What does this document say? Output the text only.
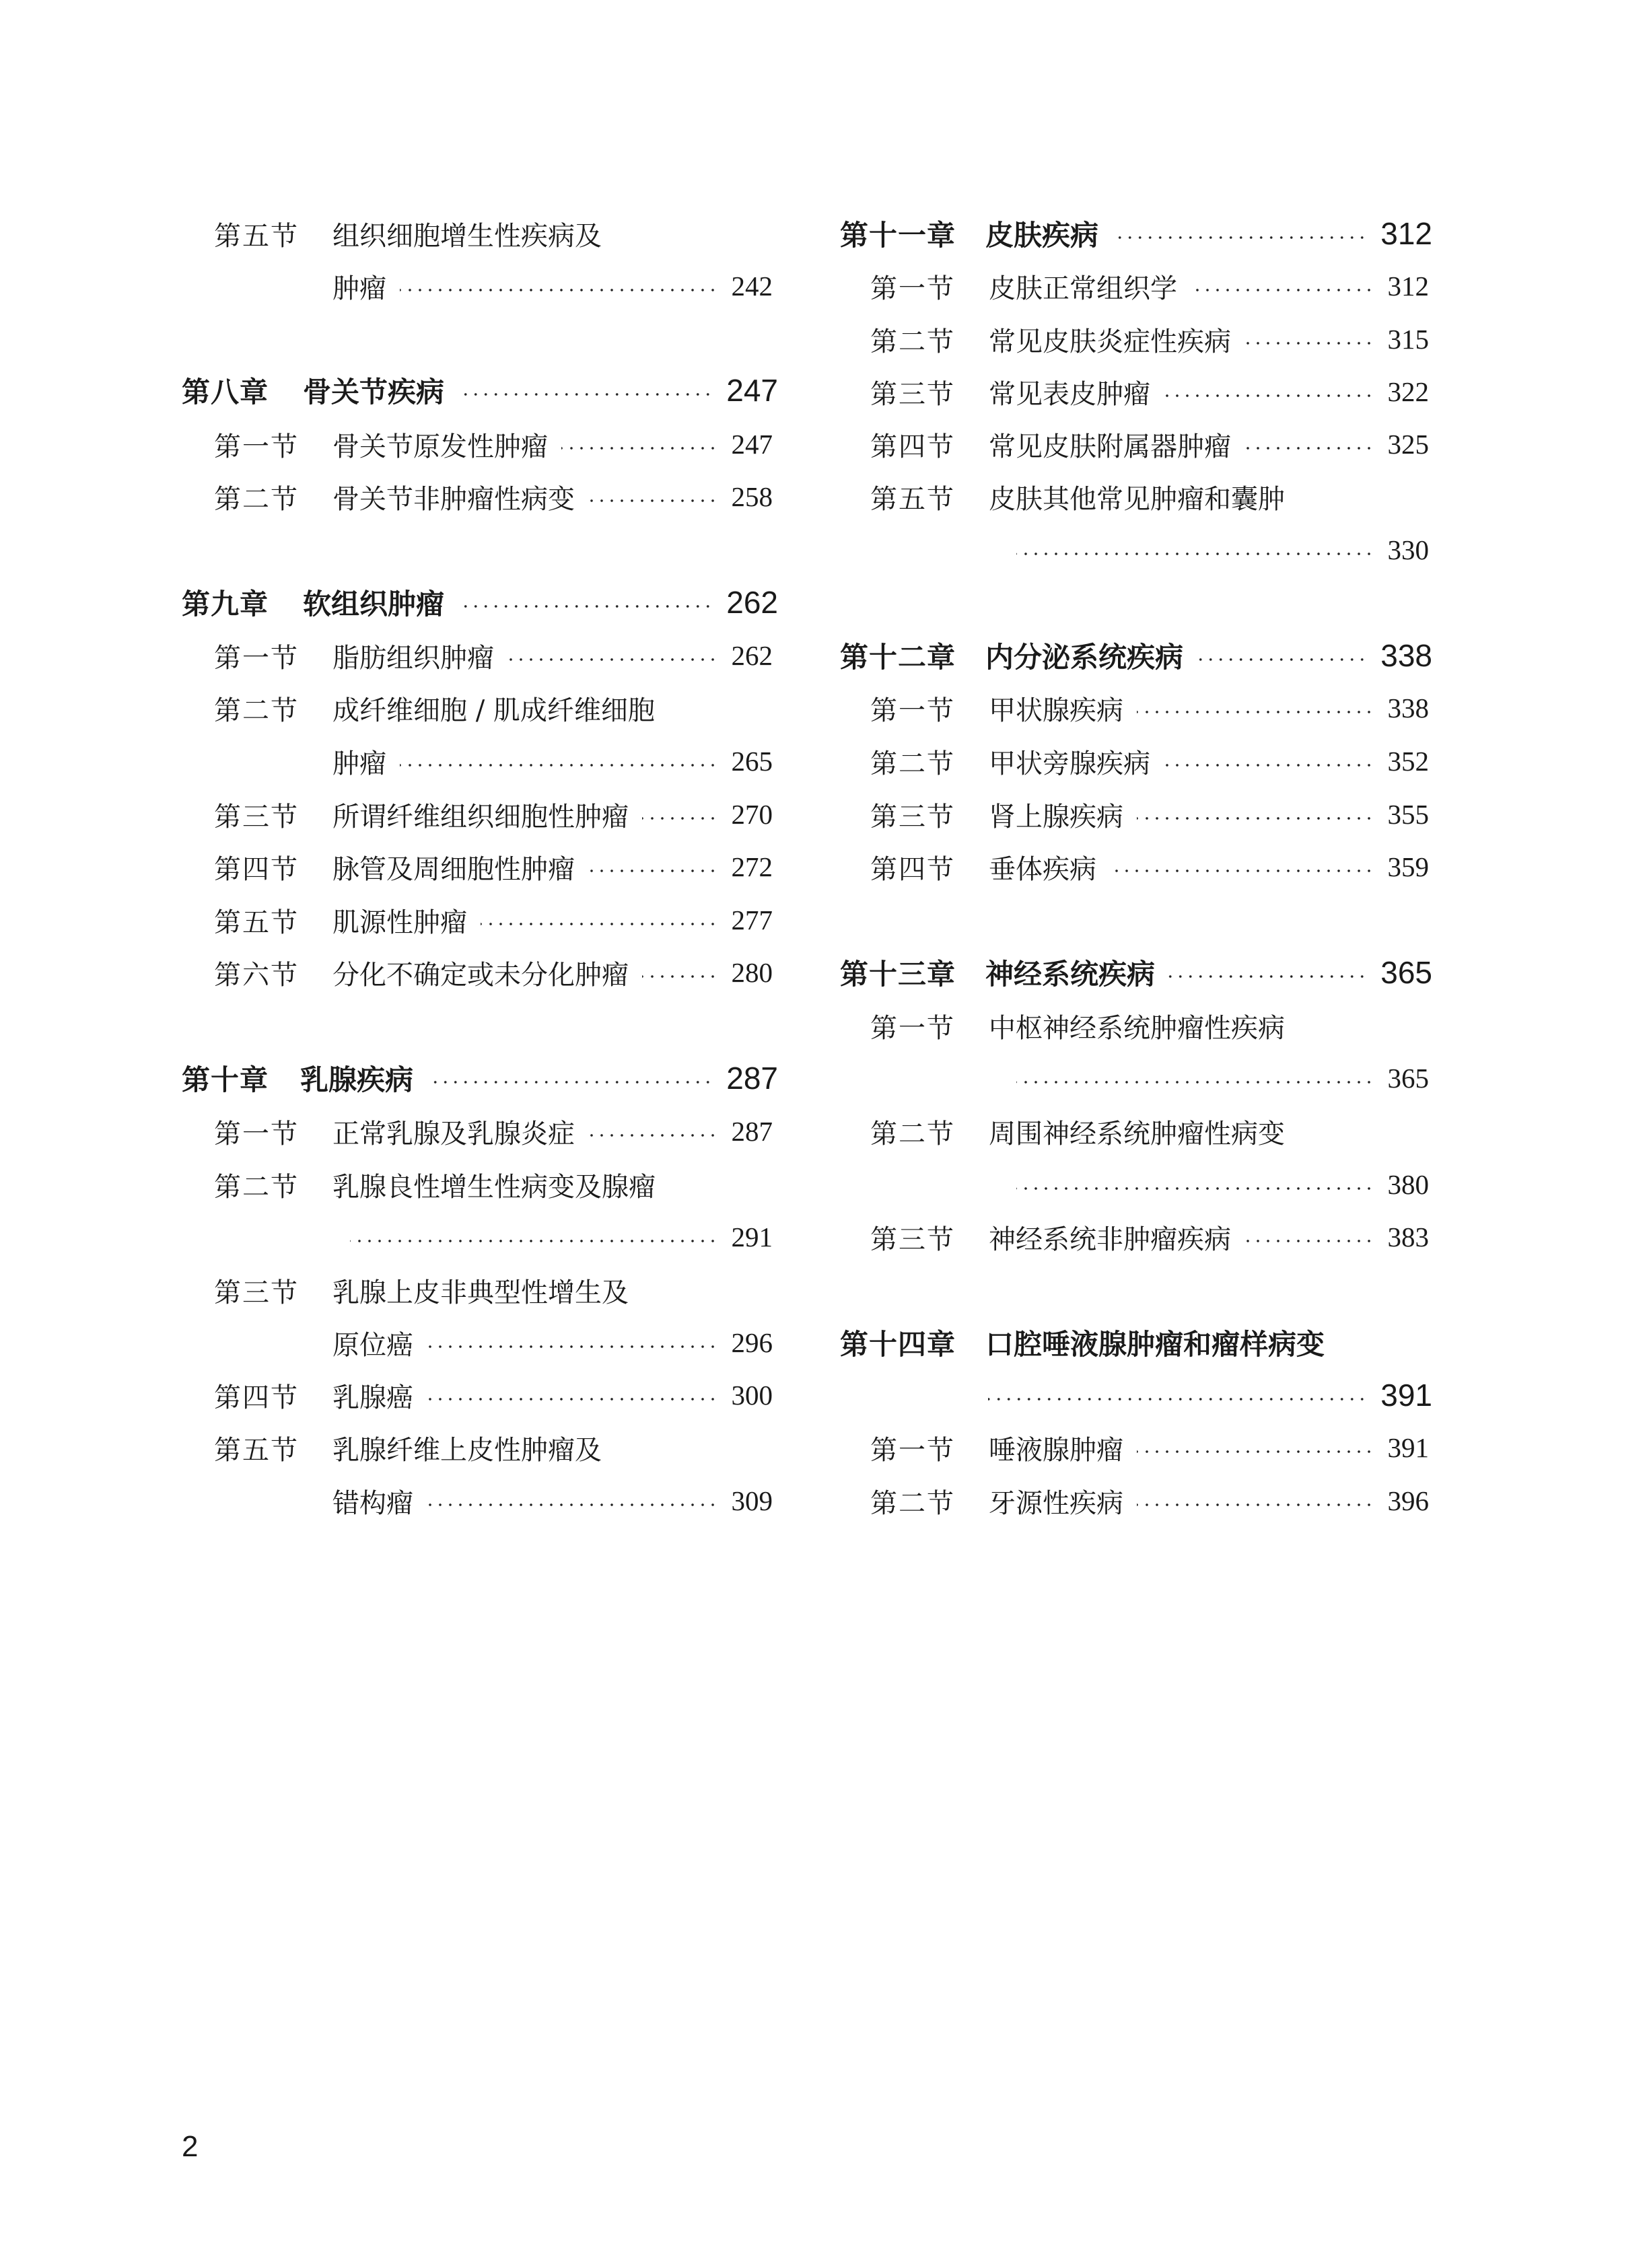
第五节	组织细胞增生性疾病及
肿瘤	242
第八章	骨关节疾病	247
第一节	骨关节原发性肿瘤	247
第二节	骨关节非肿瘤性病变	258
第九章	软组织肿瘤	262
第一节	脂肪组织肿瘤	262
第二节	成纤维细胞 / 肌成纤维细胞
肿瘤	265
第三节	所谓纤维组织细胞性肿瘤	270
第四节	脉管及周细胞性肿瘤	272
第五节	肌源性肿瘤	277
第六节	分化不确定或未分化肿瘤	280
第十章	乳腺疾病	287
第一节	正常乳腺及乳腺炎症	287
第二节	乳腺良性增生性病变及腺瘤
291
第三节	乳腺上皮非典型性增生及
原位癌	296
第四节	乳腺癌	300
第五节	乳腺纤维上皮性肿瘤及
错构瘤	309
第十一章	皮肤疾病	312
第一节	皮肤正常组织学	312
第二节	常见皮肤炎症性疾病	315
第三节	常见表皮肿瘤	322
第四节	常见皮肤附属器肿瘤	325
第五节	皮肤其他常见肿瘤和囊肿
330
第十二章	内分泌系统疾病	338
第一节	甲状腺疾病	338
第二节	甲状旁腺疾病	352
第三节	肾上腺疾病	355
第四节	垂体疾病	359
第十三章	神经系统疾病	365
第一节	中枢神经系统肿瘤性疾病
365
第二节	周围神经系统肿瘤性病变
380
第三节	神经系统非肿瘤疾病	383
第十四章	口腔唾液腺肿瘤和瘤样病变
391
第一节	唾液腺肿瘤	391
第二节	牙源性疾病	396
2
